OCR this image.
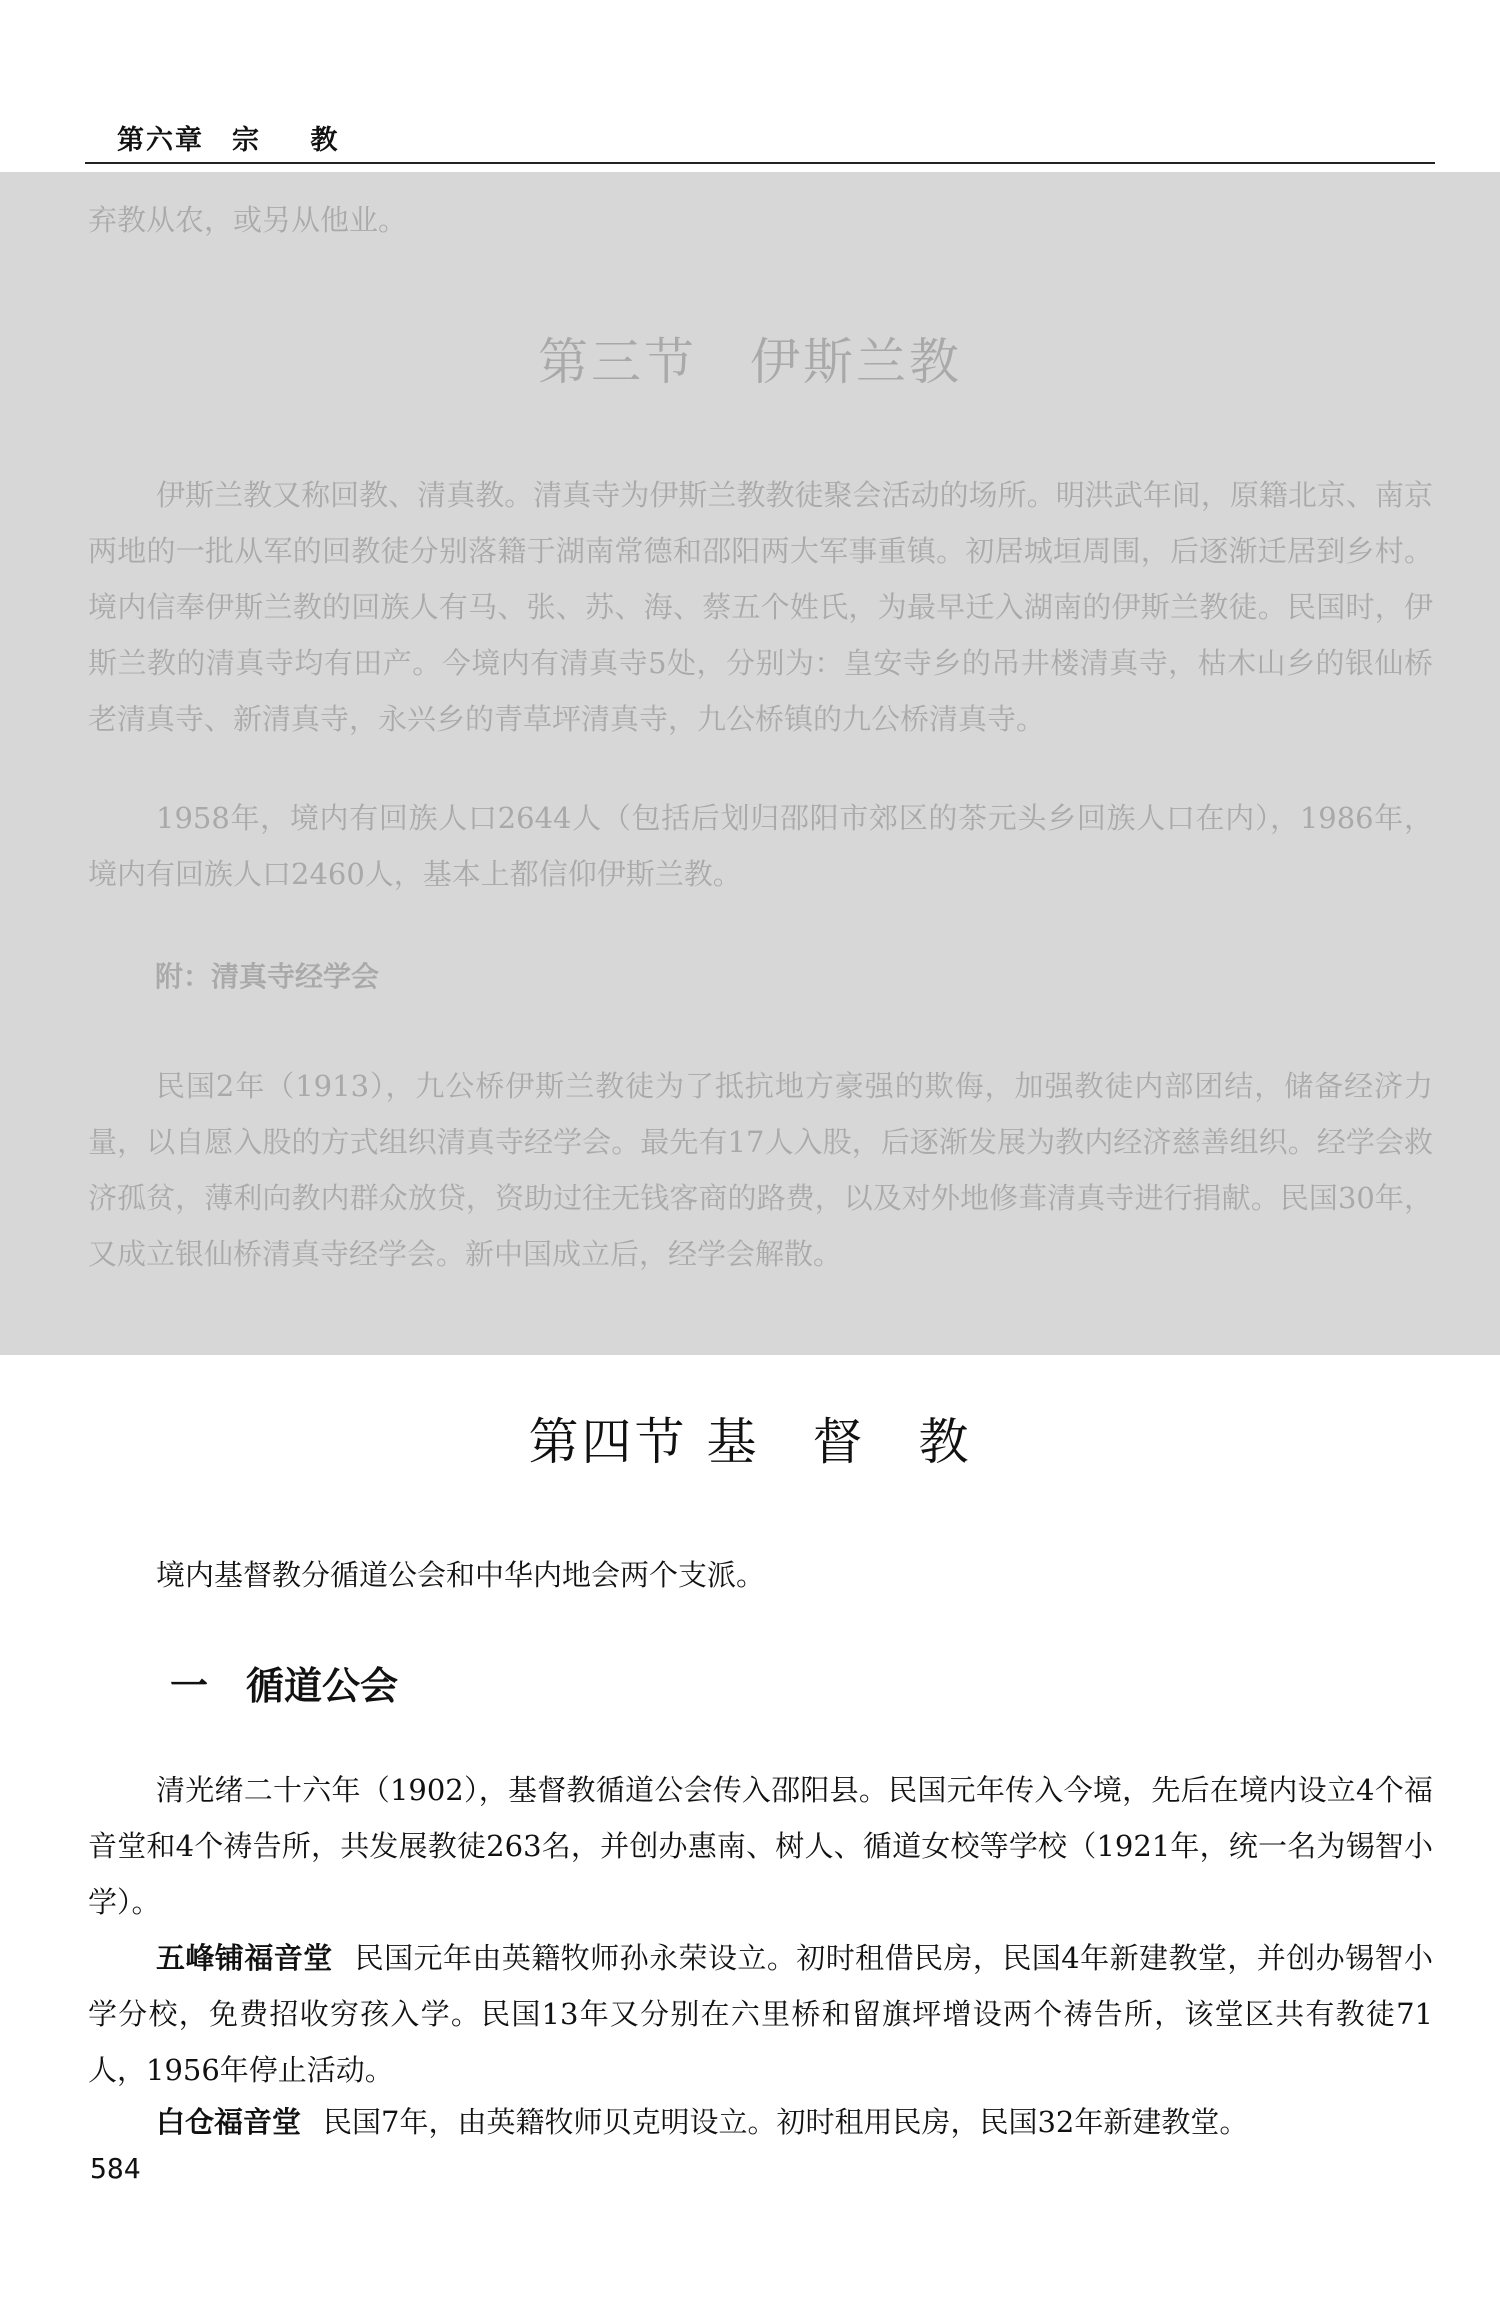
第六章 宗 教

弃教从农，或另从他业。

第三节　伊斯兰教

伊斯兰教又称回教、清真教。清真寺为伊斯兰教教徒聚会活动的场所。明洪武年间，原籍北京、南京两地的一批从军的回教徒分别落籍于湖南常德和邵阳两大军事重镇。初居城垣周围，后逐渐迁居到乡村。境内信奉伊斯兰教的回族人有马、张、苏、海、蔡五个姓氏，为最早迁入湖南的伊斯兰教徒。民国时，伊斯兰教的清真寺均有田产。今境内有清真寺5处，分别为：皇安寺乡的吊井楼清真寺，枯木山乡的银仙桥老清真寺、新清真寺，永兴乡的青草坪清真寺，九公桥镇的九公桥清真寺。

1958年，境内有回族人口2644人（包括后划归邵阳市郊区的茶元头乡回族人口在内），1986年，境内有回族人口2460人，基本上都信仰伊斯兰教。

附：清真寺经学会

民国2年（1913），九公桥伊斯兰教徒为了抵抗地方豪强的欺侮，加强教徒内部团结，储备经济力量，以自愿入股的方式组织清真寺经学会。最先有17人入股，后逐渐发展为教内经济慈善组织。经学会救济孤贫，薄利向教内群众放贷，资助过往无钱客商的路费，以及对外地修葺清真寺进行捐献。民国30年，又成立银仙桥清真寺经学会。新中国成立后，经学会解散。

第四节 基　督　教

境内基督教分循道公会和中华内地会两个支派。

一　循道公会

清光绪二十六年（1902），基督教循道公会传入邵阳县。民国元年传入今境，先后在境内设立4个福音堂和4个祷告所，共发展教徒263名，并创办惠南、树人、循道女校等学校（1921年，统一名为锡智小学）。

五峰铺福音堂 民国元年由英籍牧师孙永荣设立。初时租借民房，民国4年新建教堂，并创办锡智小学分校，免费招收穷孩入学。民国13年又分别在六里桥和留旗坪增设两个祷告所，该堂区共有教徒71人，1956年停止活动。

白仓福音堂 民国7年，由英籍牧师贝克明设立。初时租用民房，民国32年新建教堂。

584
